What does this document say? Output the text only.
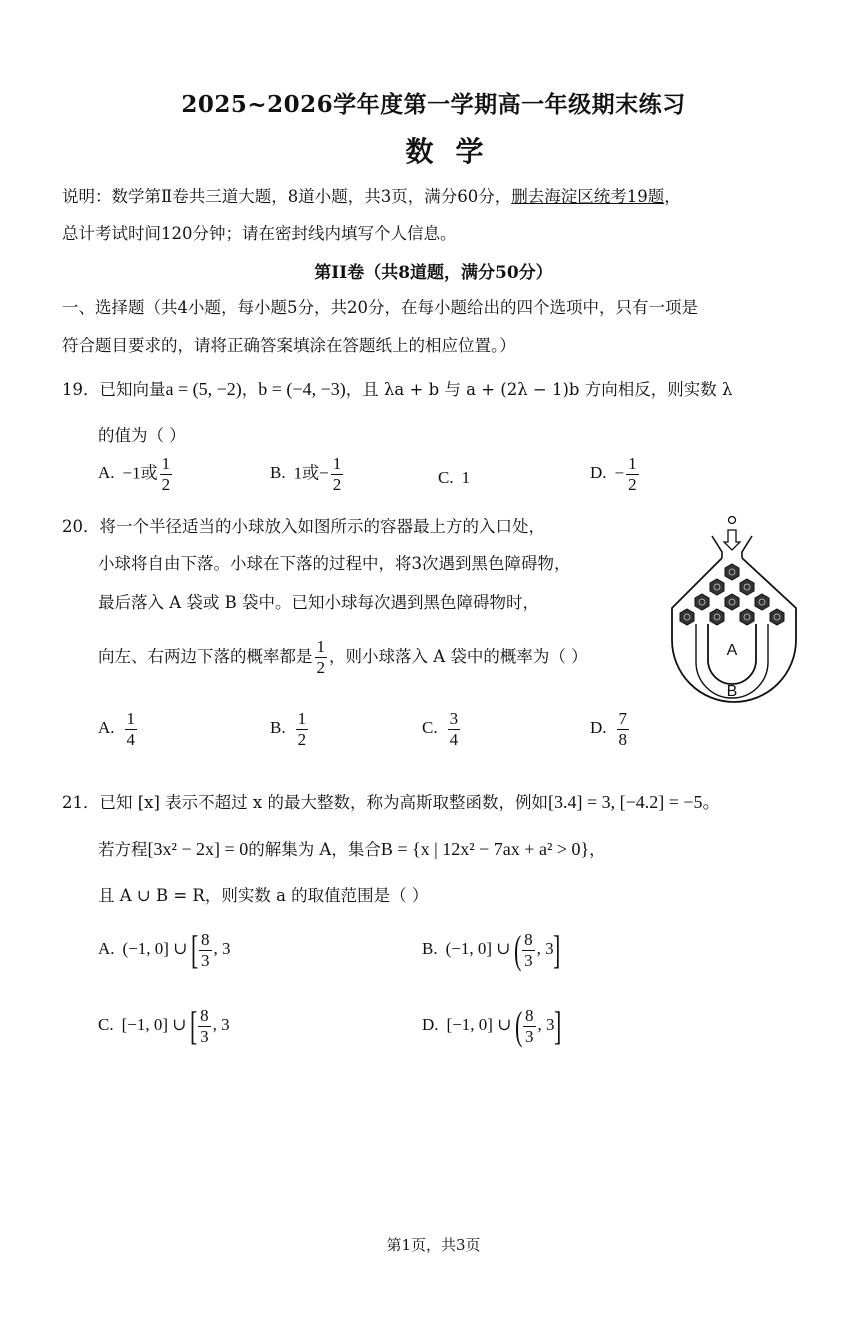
2025~2026学年度第一学期高一年级期末练习
数学
说明：数学第Ⅱ卷共三道大题，8道小题，共3页，满分60分，删去海淀区统考19题，
总计考试时间120分钟；请在密封线内填写个人信息。
第II卷（共8道题，满分50分）
一、选择题（共4小题，每小题5分，共20分，在每小题给出的四个选项中，只有一项是
符合题目要求的，请将正确答案填涂在答题纸上的相应位置。）
19．已知向量a = (5, −2)，b = (−4, −3)，且 λa + b 与 a + (2λ − 1)b 方向相反，则实数 λ
的值为（ ）
A. −1或 $\frac{1}{2}$	B. 1或− $\frac{1}{2}$	C. 1	D. − $\frac{1}{2}$
20．将一个半径适当的小球放入如图所示的容器最上方的入口处，
小球将自由下落。小球在下落的过程中，将3次遇到黑色障碍物，
最后落入 A 袋或 B 袋中。已知小球每次遇到黑色障碍物时，
向左、右两边下落的概率都是 $\frac{1}{2}$ ，则小球落入 A 袋中的概率为（ ）	A
B
A. $\frac{1}{4}$	B. $\frac{1}{2}$	C. $\frac{3}{4}$	D. $\frac{7}{8}$
21．已知 [x] 表示不超过 x 的最大整数，称为高斯取整函数，例如[3.4] = 3, [−4.2] = −5。
若方程[3x² − 2x] = 0的解集为 A，集合B = {x | 12x² − 7ax + a² > 0}，
且 A ∪ B = R，则实数 a 的取值范围是（ ）
A. (−1, 0] ∪ [ $\frac{8}{3}$ , 3	B. (−1, 0] ∪ ( $\frac{8}{3}$ , 3]
C. [−1, 0] ∪ [ $\frac{8}{3}$ , 3	D. [−1, 0] ∪ ( $\frac{8}{3}$ , 3]
第1页，共3页
